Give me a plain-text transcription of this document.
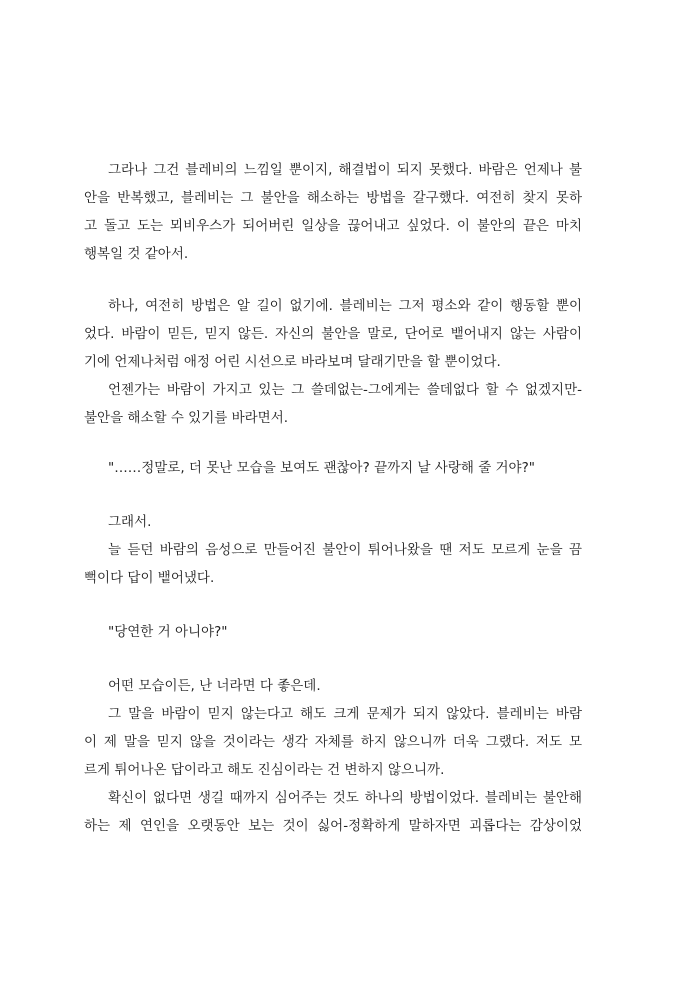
그라나 그건 블레비의 느낌일 뿐이지, 해결법이 되지 못했다. 바람은 언제나 불
안을 반복했고, 블레비는 그 불안을 해소하는 방법을 갈구했다. 여전히 찾지 못하
고 돌고 도는 뫼비우스가 되어버린 일상을 끊어내고 싶었다. 이 불안의 끝은 마치
행복일 것 같아서.
하나, 여전히 방법은 알 길이 없기에. 블레비는 그저 평소와 같이 행동할 뿐이
었다. 바람이 믿든, 믿지 않든. 자신의 불안을 말로, 단어로 뱉어내지 않는 사람이
기에 언제나처럼 애정 어린 시선으로 바라보며 달래기만을 할 뿐이었다.
언젠가는 바람이 가지고 있는 그 쓸데없는-그에게는 쓸데없다 할 수 없겠지만-
불안을 해소할 수 있기를 바라면서.
"……정말로, 더 못난 모습을 보여도 괜찮아? 끝까지 날 사랑해 줄 거야?"
그래서.
늘 듣던 바람의 음성으로 만들어진 불안이 튀어나왔을 땐 저도 모르게 눈을 끔
뻑이다 답이 뱉어냈다.
"당연한 거 아니야?"
어떤 모습이든, 난 너라면 다 좋은데.
그 말을 바람이 믿지 않는다고 해도 크게 문제가 되지 않았다. 블레비는 바람
이 제 말을 믿지 않을 것이라는 생각 자체를 하지 않으니까 더욱 그랬다. 저도 모
르게 튀어나온 답이라고 해도 진심이라는 건 변하지 않으니까.
확신이 없다면 생길 때까지 심어주는 것도 하나의 방법이었다. 블레비는 불안해
하는 제 연인을 오랫동안 보는 것이 싫어-정확하게 말하자면 괴롭다는 감상이었
